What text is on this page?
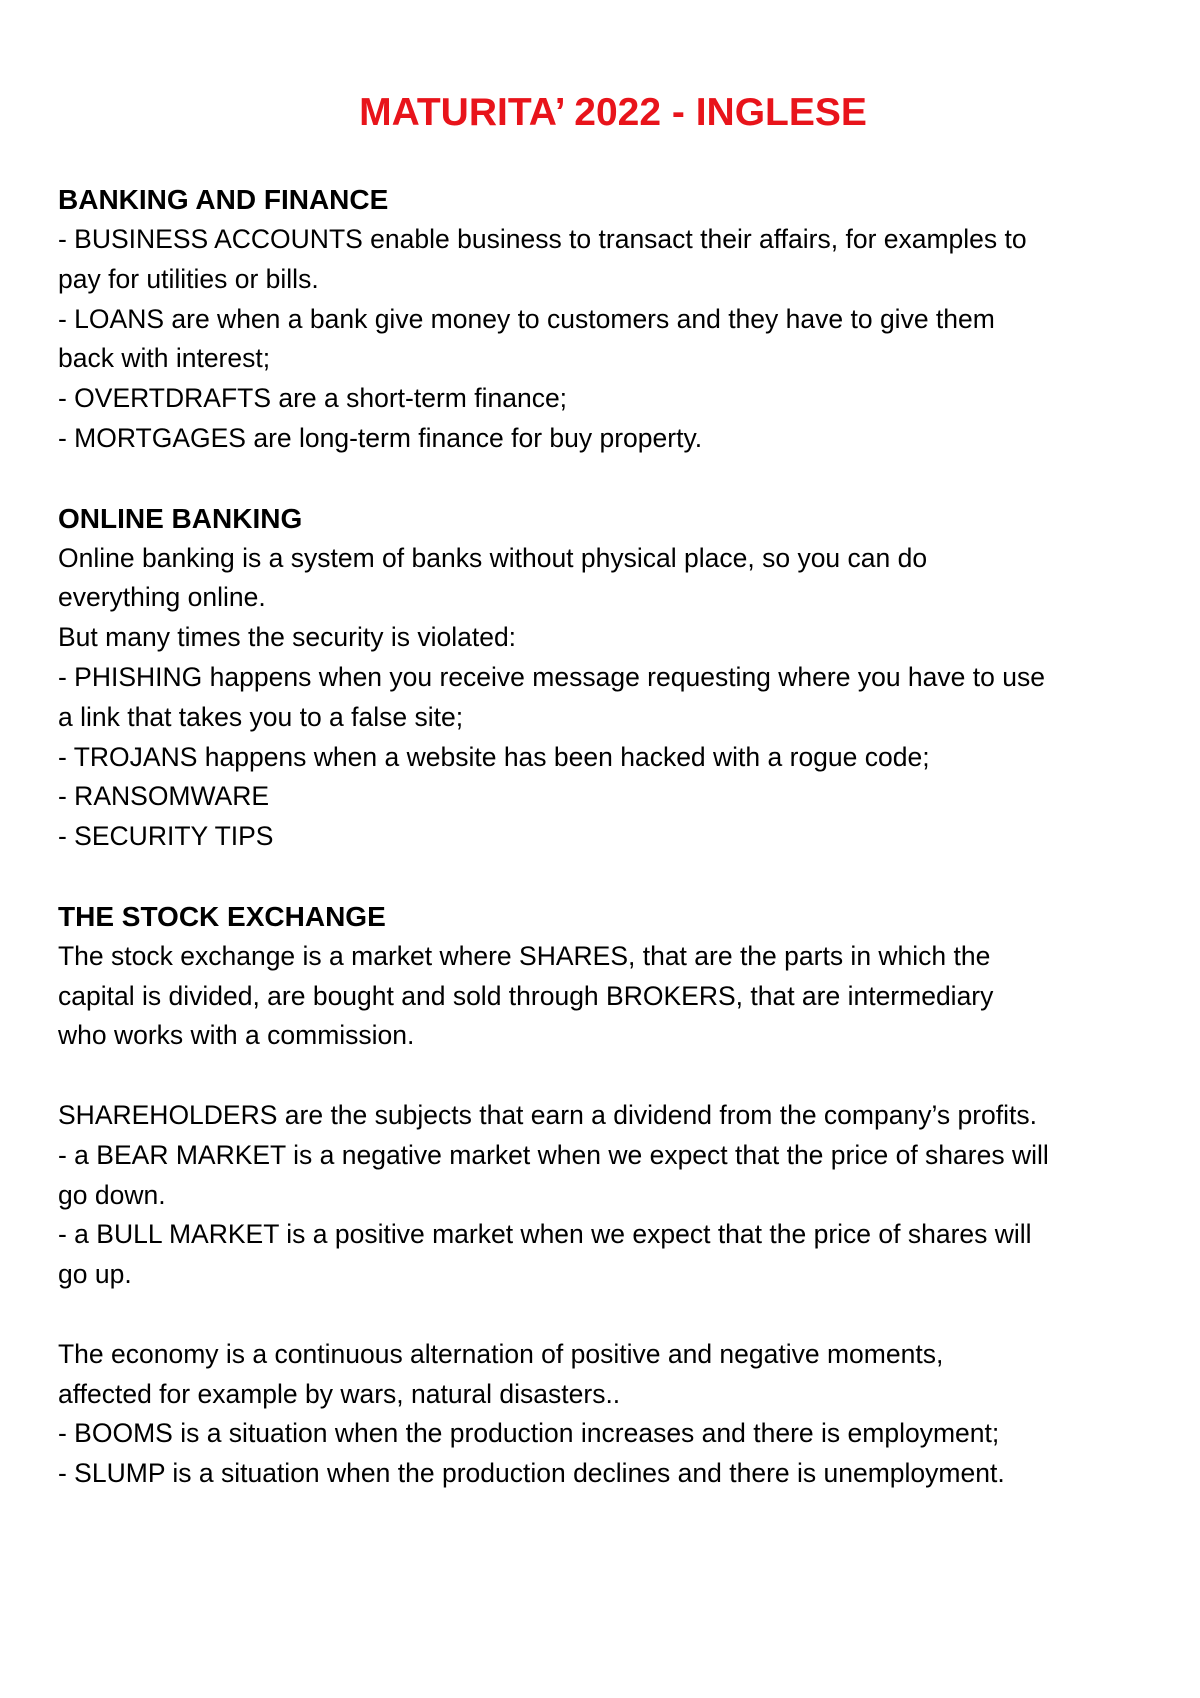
MATURITA’ 2022 - INGLESE
BANKING AND FINANCE

- BUSINESS ACCOUNTS enable business to transact their affairs, for examples to

pay for utilities or bills.

- LOANS are when a bank give money to customers and they have to give them

back with interest;

- OVERTDRAFTS are a short-term finance;

- MORTGAGES are long-term finance for buy property.

ONLINE BANKING

Online banking is a system of banks without physical place, so you can do

everything online.

But many times the security is violated:

- PHISHING happens when you receive message requesting where you have to use

a link that takes you to a false site;

- TROJANS happens when a website has been hacked with a rogue code;

- RANSOMWARE

- SECURITY TIPS

THE STOCK EXCHANGE

The stock exchange is a market where SHARES, that are the parts in which the

capital is divided, are bought and sold through BROKERS, that are intermediary

who works with a commission.

SHAREHOLDERS are the subjects that earn a dividend from the company’s profits.

- a BEAR MARKET is a negative market when we expect that the price of shares will

go down.

- a BULL MARKET is a positive market when we expect that the price of shares will

go up.

The economy is a continuous alternation of positive and negative moments,

affected for example by wars, natural disasters..

- BOOMS is a situation when the production increases and there is employment;

- SLUMP is a situation when the production declines and there is unemployment.
